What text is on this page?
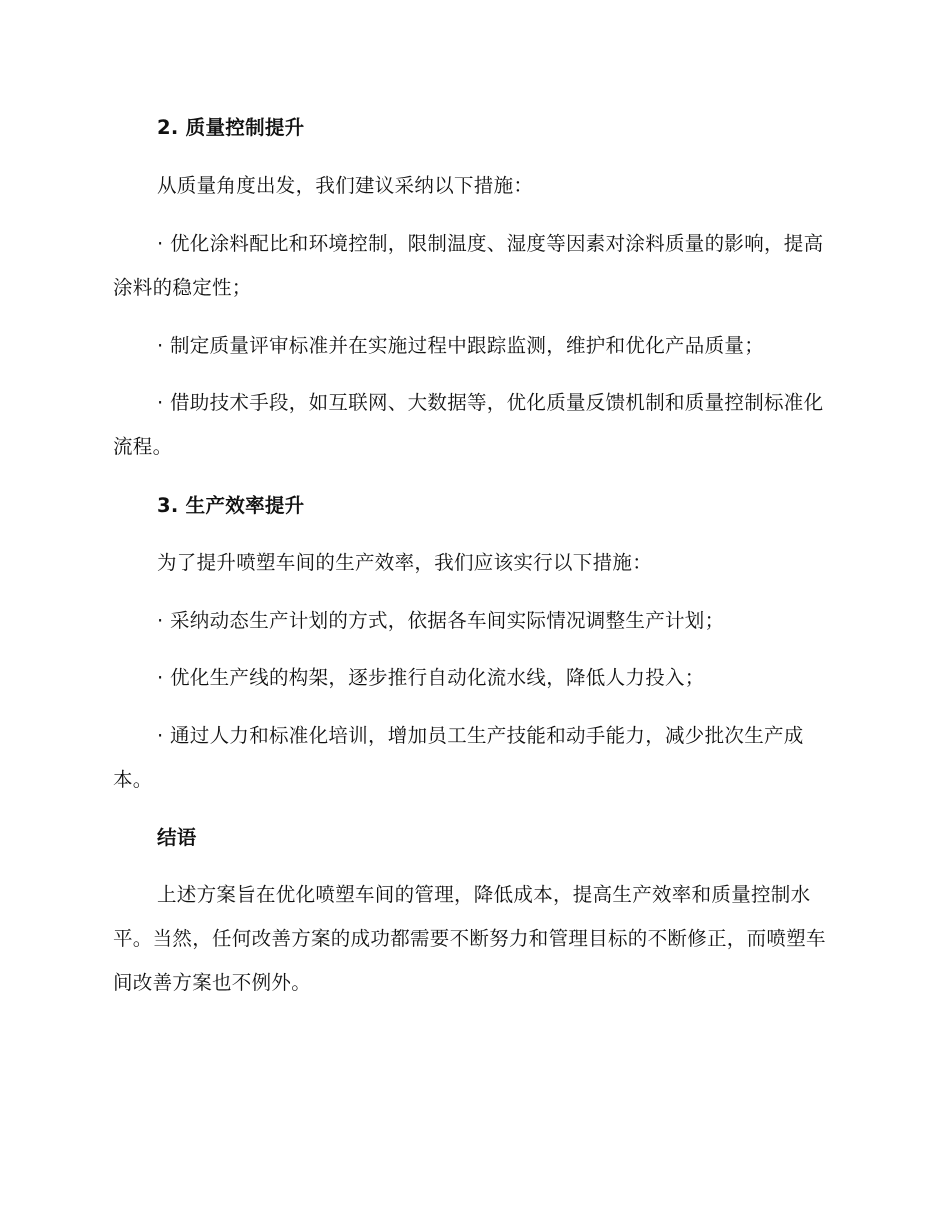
2. 质量控制提升

从质量角度出发，我们建议采纳以下措施：

· 优化涂料配比和环境控制，限制温度、湿度等因素对涂料质量的影响，提高涂料的稳定性；

· 制定质量评审标准并在实施过程中跟踪监测，维护和优化产品质量；

· 借助技术手段，如互联网、大数据等，优化质量反馈机制和质量控制标准化流程。

3. 生产效率提升

为了提升喷塑车间的生产效率，我们应该实行以下措施：

· 采纳动态生产计划的方式，依据各车间实际情况调整生产计划；

· 优化生产线的构架，逐步推行自动化流水线，降低人力投入；

· 通过人力和标准化培训，增加员工生产技能和动手能力，减少批次生产成本。

结语

上述方案旨在优化喷塑车间的管理，降低成本，提高生产效率和质量控制水平。当然，任何改善方案的成功都需要不断努力和管理目标的不断修正，而喷塑车间改善方案也不例外。
